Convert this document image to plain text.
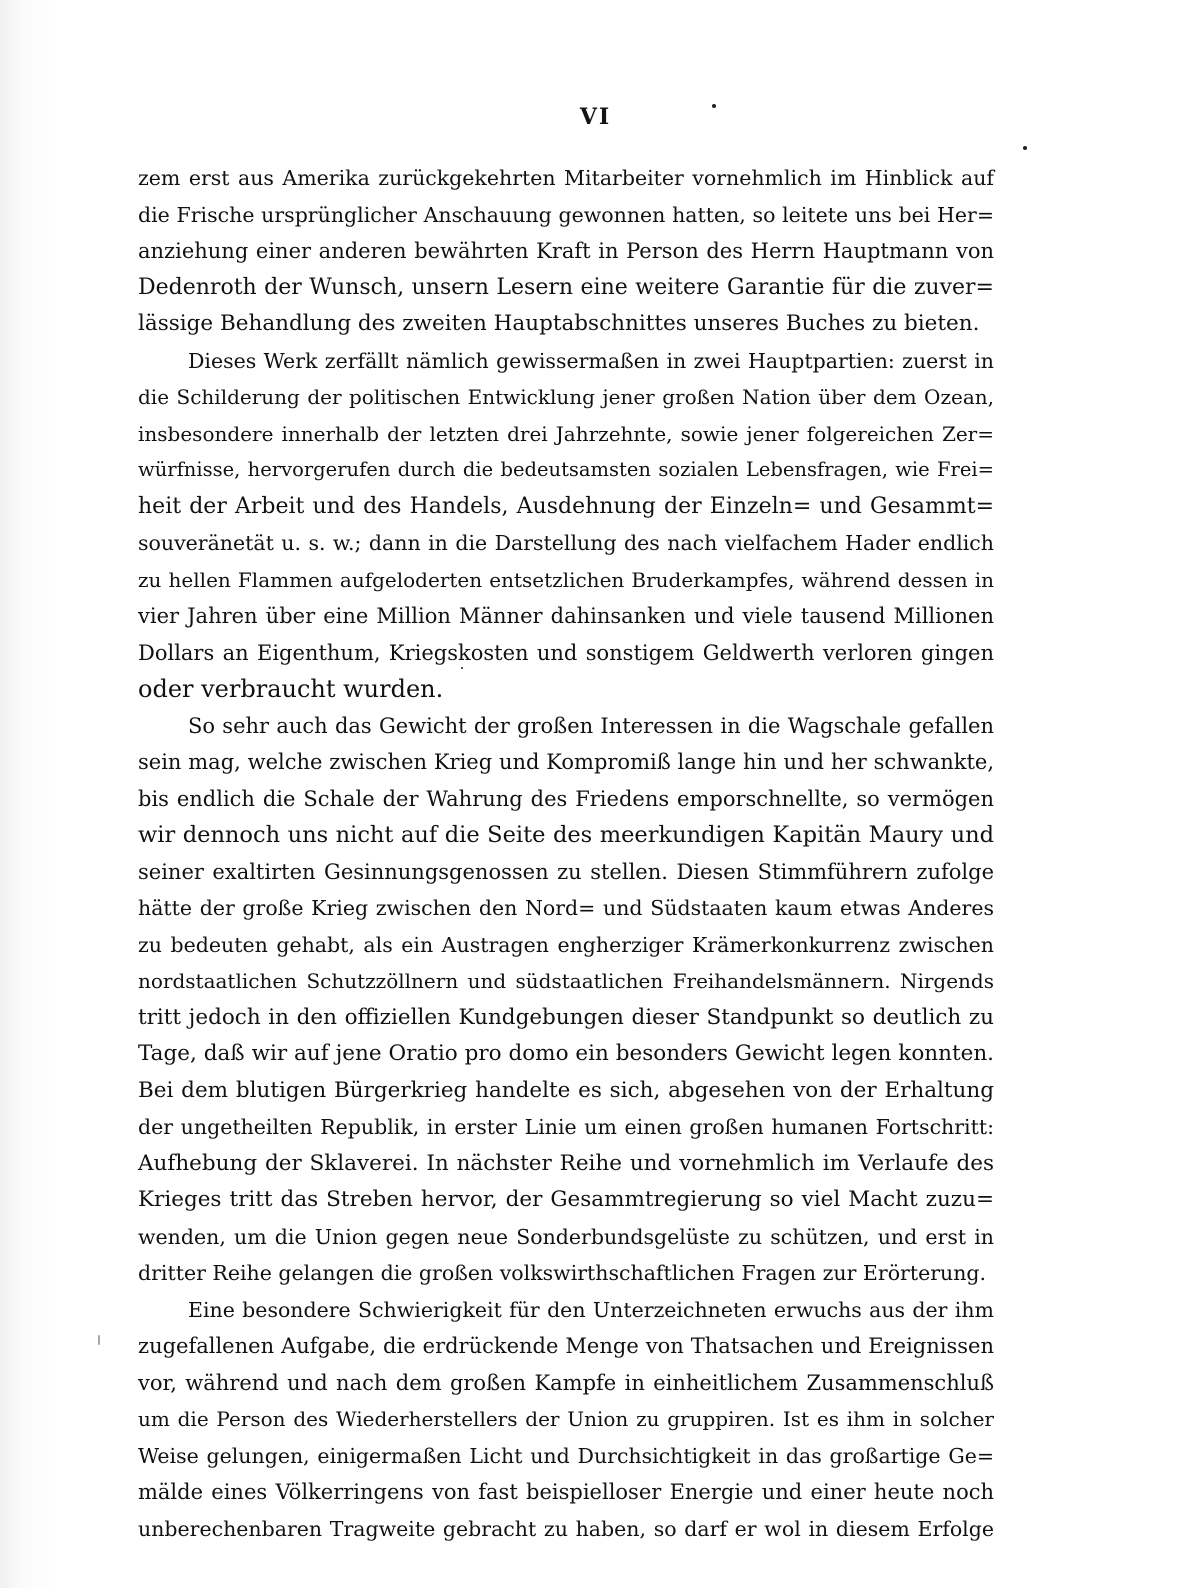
VI
zem erst aus Amerika zurückgekehrten Mitarbeiter vornehmlich im Hinblick auf
die Frische ursprünglicher Anschauung gewonnen hatten, so leitete uns bei Her=
anziehung einer anderen bewährten Kraft in Person des Herrn Hauptmann von
Dedenroth der Wunsch, unsern Lesern eine weitere Garantie für die zuver=
lässige Behandlung des zweiten Hauptabschnittes unseres Buches zu bieten.
Dieses Werk zerfällt nämlich gewissermaßen in zwei Hauptpartien: zuerst in
die Schilderung der politischen Entwicklung jener großen Nation über dem Ozean,
insbesondere innerhalb der letzten drei Jahrzehnte, sowie jener folgereichen Zer=
würfnisse, hervorgerufen durch die bedeutsamsten sozialen Lebensfragen, wie Frei=
heit der Arbeit und des Handels, Ausdehnung der Einzeln= und Gesammt=
souveränetät u. s. w.; dann in die Darstellung des nach vielfachem Hader endlich
zu hellen Flammen aufgeloderten entsetzlichen Bruderkampfes, während dessen in
vier Jahren über eine Million Männer dahinsanken und viele tausend Millionen
Dollars an Eigenthum, Kriegskosten und sonstigem Geldwerth verloren gingen
oder verbraucht wurden.
So sehr auch das Gewicht der großen Interessen in die Wagschale gefallen
sein mag, welche zwischen Krieg und Kompromiß lange hin und her schwankte,
bis endlich die Schale der Wahrung des Friedens emporschnellte, so vermögen
wir dennoch uns nicht auf die Seite des meerkundigen Kapitän Maury und
seiner exaltirten Gesinnungsgenossen zu stellen. Diesen Stimmführern zufolge
hätte der große Krieg zwischen den Nord= und Südstaaten kaum etwas Anderes
zu bedeuten gehabt, als ein Austragen engherziger Krämerkonkurrenz zwischen
nordstaatlichen Schutzzöllnern und südstaatlichen Freihandelsmännern. Nirgends
tritt jedoch in den offiziellen Kundgebungen dieser Standpunkt so deutlich zu
Tage, daß wir auf jene Oratio pro domo ein besonders Gewicht legen konnten.
Bei dem blutigen Bürgerkrieg handelte es sich, abgesehen von der Erhaltung
der ungetheilten Republik, in erster Linie um einen großen humanen Fortschritt:
Aufhebung der Sklaverei. In nächster Reihe und vornehmlich im Verlaufe des
Krieges tritt das Streben hervor, der Gesammtregierung so viel Macht zuzu=
wenden, um die Union gegen neue Sonderbundsgelüste zu schützen, und erst in
dritter Reihe gelangen die großen volkswirthschaftlichen Fragen zur Erörterung.
Eine besondere Schwierigkeit für den Unterzeichneten erwuchs aus der ihm
zugefallenen Aufgabe, die erdrückende Menge von Thatsachen und Ereignissen
vor, während und nach dem großen Kampfe in einheitlichem Zusammenschluß
um die Person des Wiederherstellers der Union zu gruppiren. Ist es ihm in solcher
Weise gelungen, einigermaßen Licht und Durchsichtigkeit in das großartige Ge=
mälde eines Völkerringens von fast beispielloser Energie und einer heute noch
unberechenbaren Tragweite gebracht zu haben, so darf er wol in diesem Erfolge
